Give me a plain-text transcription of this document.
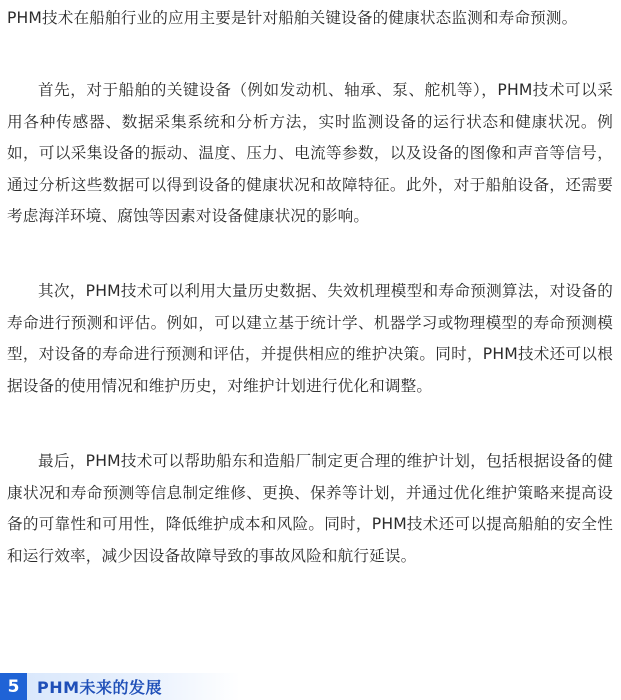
PHM技术在船舶行业的应用主要是针对船舶关键设备的健康状态监测和寿命预测。

首先，对于船舶的关键设备（例如发动机、轴承、泵、舵机等），PHM技术可以采用各种传感器、数据采集系统和分析方法，实时监测设备的运行状态和健康状况。例如，可以采集设备的振动、温度、压力、电流等参数，以及设备的图像和声音等信号，通过分析这些数据可以得到设备的健康状况和故障特征。此外，对于船舶设备，还需要考虑海洋环境、腐蚀等因素对设备健康状况的影响。

其次，PHM技术可以利用大量历史数据、失效机理模型和寿命预测算法，对设备的寿命进行预测和评估。例如，可以建立基于统计学、机器学习或物理模型的寿命预测模型，对设备的寿命进行预测和评估，并提供相应的维护决策。同时，PHM技术还可以根据设备的使用情况和维护历史，对维护计划进行优化和调整。

最后，PHM技术可以帮助船东和造船厂制定更合理的维护计划，包括根据设备的健康状况和寿命预测等信息制定维修、更换、保养等计划，并通过优化维护策略来提高设备的可靠性和可用性，降低维护成本和风险。同时，PHM技术还可以提高船舶的安全性和运行效率，减少因设备故障导致的事故风险和航行延误。

5	PHM未来的发展
